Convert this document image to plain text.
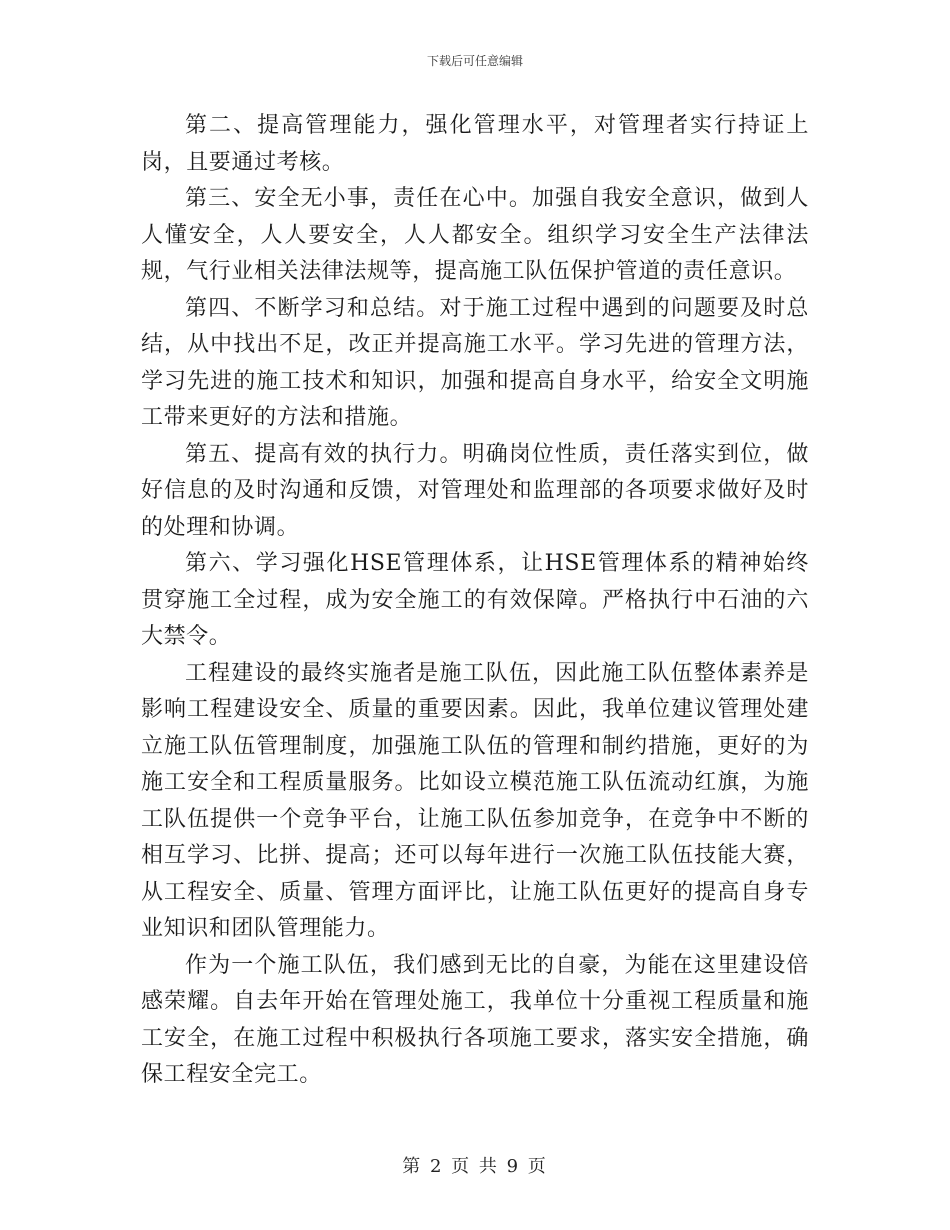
下载后可任意编辑

第二、提高管理能力，强化管理水平，对管理者实行持证上岗，且要通过考核。

第三、安全无小事，责任在心中。加强自我安全意识，做到人人懂安全，人人要安全，人人都安全。组织学习安全生产法律法规，气行业相关法律法规等，提高施工队伍保护管道的责任意识。

第四、不断学习和总结。对于施工过程中遇到的问题要及时总结，从中找出不足，改正并提高施工水平。学习先进的管理方法，学习先进的施工技术和知识，加强和提高自身水平，给安全文明施工带来更好的方法和措施。

第五、提高有效的执行力。明确岗位性质，责任落实到位，做好信息的及时沟通和反馈，对管理处和监理部的各项要求做好及时的处理和协调。

第六、学习强化HSE管理体系，让HSE管理体系的精神始终贯穿施工全过程，成为安全施工的有效保障。严格执行中石油的六大禁令。

工程建设的最终实施者是施工队伍，因此施工队伍整体素养是影响工程建设安全、质量的重要因素。因此，我单位建议管理处建立施工队伍管理制度，加强施工队伍的管理和制约措施，更好的为施工安全和工程质量服务。比如设立模范施工队伍流动红旗，为施工队伍提供一个竞争平台，让施工队伍参加竞争，在竞争中不断的相互学习、比拼、提高；还可以每年进行一次施工队伍技能大赛，从工程安全、质量、管理方面评比，让施工队伍更好的提高自身专业知识和团队管理能力。

作为一个施工队伍，我们感到无比的自豪，为能在这里建设倍感荣耀。自去年开始在管理处施工，我单位十分重视工程质量和施工安全，在施工过程中积极执行各项施工要求，落实安全措施，确保工程安全完工。

第 2 页 共 9 页
